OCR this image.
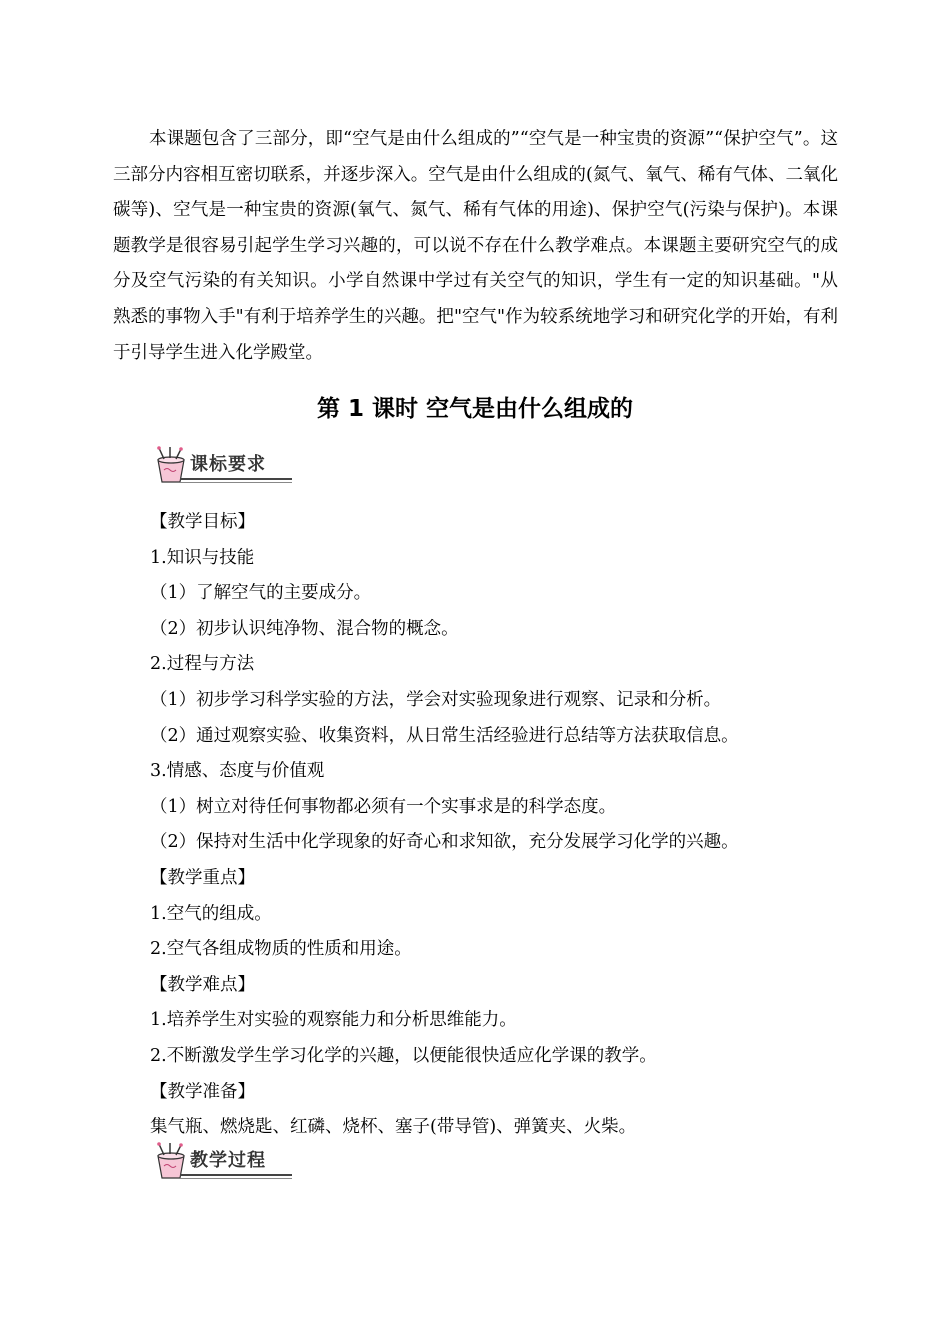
本课题包含了三部分，即“空气是由什么组成的”“空气是一种宝贵的资源”“保护空气”。这三部分内容相互密切联系，并逐步深入。空气是由什么组成的(氮气、氧气、稀有气体、二氧化碳等)、空气是一种宝贵的资源(氧气、氮气、稀有气体的用途)、保护空气(污染与保护)。本课题教学是很容易引起学生学习兴趣的，可以说不存在什么教学难点。本课题主要研究空气的成分及空气污染的有关知识。小学自然课中学过有关空气的知识，学生有一定的知识基础。"从熟悉的事物入手"有利于培养学生的兴趣。把"空气"作为较系统地学习和研究化学的开始，有利于引导学生进入化学殿堂。

第 1 课时 空气是由什么组成的
课标要求
【教学目标】
1.知识与技能
（1）了解空气的主要成分。
（2）初步认识纯净物、混合物的概念。
2.过程与方法
（1）初步学习科学实验的方法，学会对实验现象进行观察、记录和分析。
（2）通过观察实验、收集资料，从日常生活经验进行总结等方法获取信息。
3.情感、态度与价值观
（1）树立对待任何事物都必须有一个实事求是的科学态度。
（2）保持对生活中化学现象的好奇心和求知欲，充分发展学习化学的兴趣。
【教学重点】
1.空气的组成。
2.空气各组成物质的性质和用途。
【教学难点】
1.培养学生对实验的观察能力和分析思维能力。
2.不断激发学生学习化学的兴趣，以便能很快适应化学课的教学。
【教学准备】
集气瓶、燃烧匙、红磷、烧杯、塞子(带导管)、弹簧夹、火柴。
教学过程
